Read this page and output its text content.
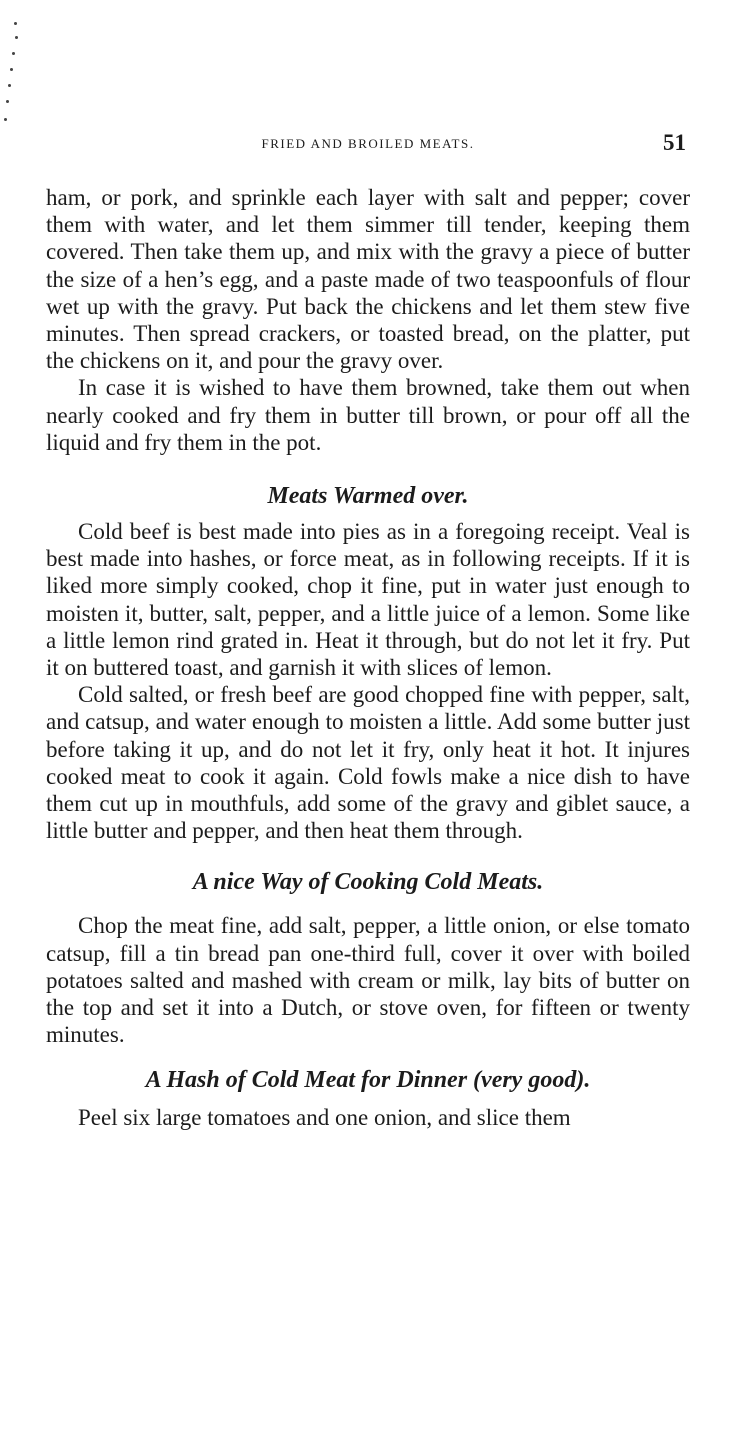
FRIED AND BROILED MEATS.	51

ham, or pork, and sprinkle each layer with salt and pepper; cover them with water, and let them simmer till tender, keeping them covered. Then take them up, and mix with the gravy a piece of butter the size of a hen’s egg, and a paste made of two teaspoonfuls of flour wet up with the gravy. Put back the chickens and let them stew five minutes. Then spread crackers, or toasted bread, on the platter, put the chickens on it, and pour the gravy over.

In case it is wished to have them browned, take them out when nearly cooked and fry them in butter till brown, or pour off all the liquid and fry them in the pot.

Meats Warmed over.

Cold beef is best made into pies as in a foregoing receipt. Veal is best made into hashes, or force meat, as in following receipts. If it is liked more simply cooked, chop it fine, put in water just enough to moisten it, butter, salt, pepper, and a little juice of a lemon. Some like a little lemon rind grated in. Heat it through, but do not let it fry. Put it on buttered toast, and garnish it with slices of lemon.

Cold salted, or fresh beef are good chopped fine with pepper, salt, and catsup, and water enough to moisten a little. Add some butter just before taking it up, and do not let it fry, only heat it hot. It injures cooked meat to cook it again. Cold fowls make a nice dish to have them cut up in mouthfuls, add some of the gravy and giblet sauce, a little butter and pepper, and then heat them through.

A nice Way of Cooking Cold Meats.

Chop the meat fine, add salt, pepper, a little onion, or else tomato catsup, fill a tin bread pan one-third full, cover it over with boiled potatoes salted and mashed with cream or milk, lay bits of butter on the top and set it into a Dutch, or stove oven, for fifteen or twenty minutes.

A Hash of Cold Meat for Dinner (very good).

Peel six large tomatoes and one onion, and slice them
